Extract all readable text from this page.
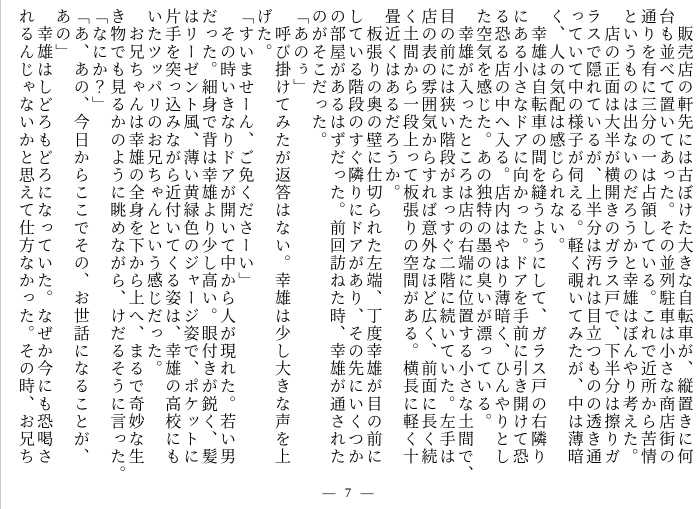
　販売店の軒先には古ぼけた大きな自転車が、縦置きに何
台も並べて置いてあった。その並列駐車は小さな商店街の
通りを有に三分の一は占領している。これで近所から苦情
というものは出ないのだろうかと幸雄はぼんやり考えた。
　店の正面は大半が横開きのガラス戸で、下半分は擦りガ
ラスで隠れているが、上半分は汚れは目立つものの透き通
っていて中の様子が伺える。軽く覗いてみたが、中は薄暗
く、人の気配は感じられない。
　幸雄は自転車の間を縫うようにして、ガラス戸の右隣り
にある小さなドアに向かった。ドアを手前に引き開けて恐
る恐る店の中へ入る。店内はやはり薄暗く、ひんやりとし
た空気を感じた。あの独特の墨の臭いが漂っている。
　幸雄が入ったところは店の右端に位置する小さな土間で、
目の前には狭い階段がまっすぐ二階に続いていた。左手は
店の表の雰囲気からすれば意外なほど広く、前面に長く続
く土間から一段上って板張りの空間がある。横長に軽く十
畳近くはあるだろうか。
　板張りの奥の壁に仕切られた左端、丁度幸雄が目の前に
している階段のすぐ隣りにドアがあり、その先にいくつか
の部屋があるはずだった。前回訪ねた時、幸雄が通された
のがそこだった。
「あのぅ」
　呼び掛けてみたが返答はない。幸雄は少し大きな声を上
げた。
「すいませーん、ご免くださーい」
　その時いきなりドアが開いて中から人が現れた。若い男
だった。細身で背は幸雄より少し高い。眼付きが鋭く、髪
はリーゼント風、薄い黄緑色のジャージ姿で、ポケットに
片手を突っ込みながら近付いてくる姿は、幸雄の高校にも
いたツッパリのお兄ちゃんという感じだった。
　お兄ちゃんは幸雄の全身を下から上へ、まるで奇妙な生
き物でも見るかのように眺めながら、けだるそうに言った。
「なにか？」
「あ、あの、今日からここでその、お世話になることが、
あの」
　幸雄はしどろもどろになっていた。なぜか今にも恐喝さ
れるんじゃないかと思えて仕方なかった。その時、お兄ち
— 7 —
